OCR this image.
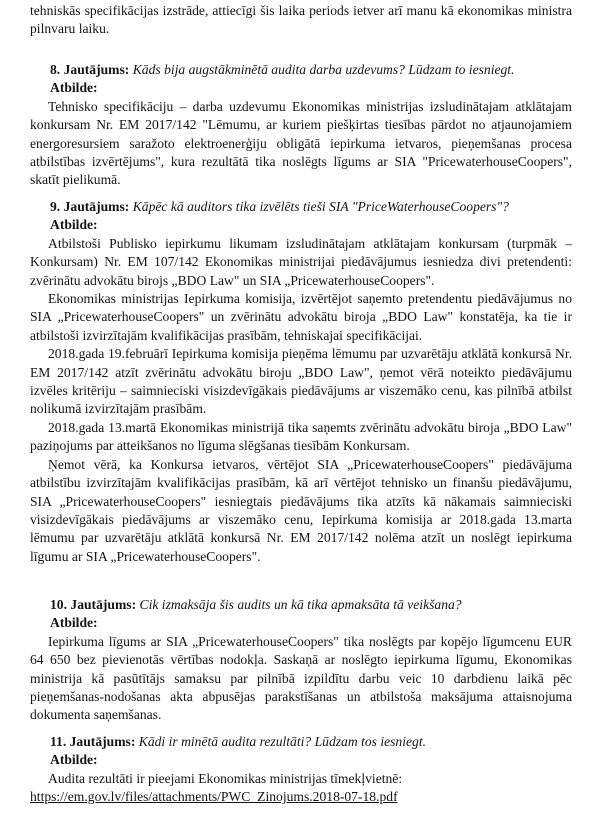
tehniskās specifikācijas izstrāde, attiecīgi šis laika periods ietver arī manu kā ekonomikas ministra pilnvaru laiku.

8. Jautājums: Kāds bija augstākminētā audita darba uzdevums? Lūdzam to iesniegt.
Atbilde:

Tehnisko specifikāciju – darba uzdevumu Ekonomikas ministrijas izsludinātajam atklātajam konkursam Nr. EM 2017/142 "Lēmumu, ar kuriem piešķirtas tiesības pārdot no atjaunojamiem energoresursiem saražoto elektroenerģiju obligātā iepirkuma ietvaros, pieņemšanas procesa atbilstības izvērtējums", kura rezultātā tika noslēgts līgums ar SIA "PricewaterhouseCoopers", skatīt pielikumā.

9. Jautājums: Kāpēc kā auditors tika izvēlēts tieši SIA "PriceWaterhouseCoopers"?
Atbilde:

Atbilstoši Publisko iepirkumu likumam izsludinātajam atklātajam konkursam (turpmāk – Konkursam) Nr. EM 107/142 Ekonomikas ministrijai piedāvājumus iesniedza divi pretendenti: zvērinātu advokātu birojs „BDO Law" un SIA „PricewaterhouseCoopers".

Ekonomikas ministrijas Iepirkuma komisija, izvērtējot saņemto pretendentu piedāvājumus no SIA „PricewaterhouseCoopers" un zvērinātu advokātu biroja „BDO Law" konstatēja, ka tie ir atbilstoši izvirzītajām kvalifikācijas prasībām, tehniskajai specifikācijai.

2018.gada 19.februārī Iepirkuma komisija pieņēma lēmumu par uzvarētāju atklātā konkursā Nr. EM 2017/142 atzīt zvērinātu advokātu biroju „BDO Law", ņemot vērā noteikto piedāvājumu izvēles kritēriju – saimnieciski visizdevīgākais piedāvājums ar viszemāko cenu, kas pilnībā atbilst nolikumā izvirzītajām prasībām.

2018.gada 13.martā Ekonomikas ministrijā tika saņemts zvērinātu advokātu biroja „BDO Law" paziņojums par atteikšanos no līguma slēgšanas tiesībām Konkursam.

Ņemot vērā, ka Konkursa ietvaros, vērtējot SIA „PricewaterhouseCoopers" piedāvājuma atbilstību izvirzītajām kvalifikācijas prasībām, kā arī vērtējot tehnisko un finanšu piedāvājumu, SIA „PricewaterhouseCoopers" iesniegtais piedāvājums tika atzīts kā nākamais saimnieciski visizdevīgākais piedāvājums ar viszemāko cenu, Iepirkuma komisija ar 2018.gada 13.marta lēmumu par uzvarētāju atklātā konkursā Nr. EM 2017/142 nolēma atzīt un noslēgt iepirkuma līgumu ar SIA „PricewaterhouseCoopers".

10. Jautājums: Cik izmaksāja šis audits un kā tika apmaksāta tā veikšana?
Atbilde:

Iepirkuma līgums ar SIA „PricewaterhouseCoopers" tika noslēgts par kopējo līgumcenu EUR 64 650 bez pievienotās vērtības nodokļa. Saskaņā ar noslēgto iepirkuma līgumu, Ekonomikas ministrija kā pasūtītājs samaksu par pilnībā izpildītu darbu veic 10 darbdienu laikā pēc pieņemšanas-nodošanas akta abpusējas parakstīšanas un atbilstoša maksājuma attaisnojuma dokumenta saņemšanas.

11. Jautājums: Kādi ir minētā audita rezultāti? Lūdzam tos iesniegt.
Atbilde:

Audita rezultāti ir pieejami Ekonomikas ministrijas tīmekļvietnē:

https://em.gov.lv/files/attachments/PWC_Zinojums.2018-07-18.pdf
